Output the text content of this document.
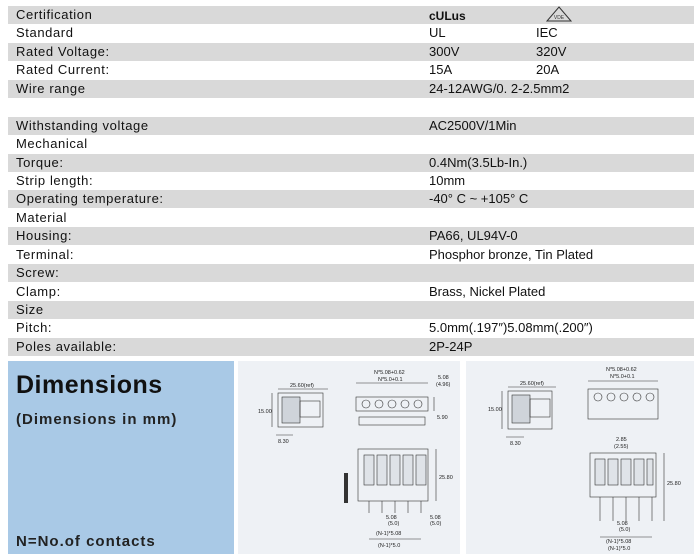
Certification	cULus	VDE
Standard	UL	IEC
Rated Voltage:	300V	320V
Rated Current:	15A	20A
Wire range	24-12AWG/0. 2-2.5mm2
Withstanding voltage	AC2500V/1Min
Mechanical
Torque:	0.4Nm(3.5Lb-In.)
Strip length:	10mm
Operating temperature:	-40° C ~ +105° C
Material
Housing:	PA66, UL94V-0
Terminal:	Phosphor bronze, Tin Plated
Screw:
Clamp:	Brass, Nickel Plated
Size
Pitch:	5.0mm(.197″)5.08mm(.200″)
Poles available:	2P-24P
Dimensions
(Dimensions in mm)
N=No.of contacts
25.60(ref)
15.00
8.30
N*5.08+0.62
N*5.0+0.1	5.08
(4.96)
5.90
25.80
5.08
(5.0)
5.08
(5.0)
(N-1)*5.08
(N-1)*5.0
25.60(ref)
15.00
8.30
N*5.08+0.62
N*5.0+0.1
2.85
(2.55)
25.80
5.08
(5.0)
(N-1)*5.08
(N-1)*5.0
